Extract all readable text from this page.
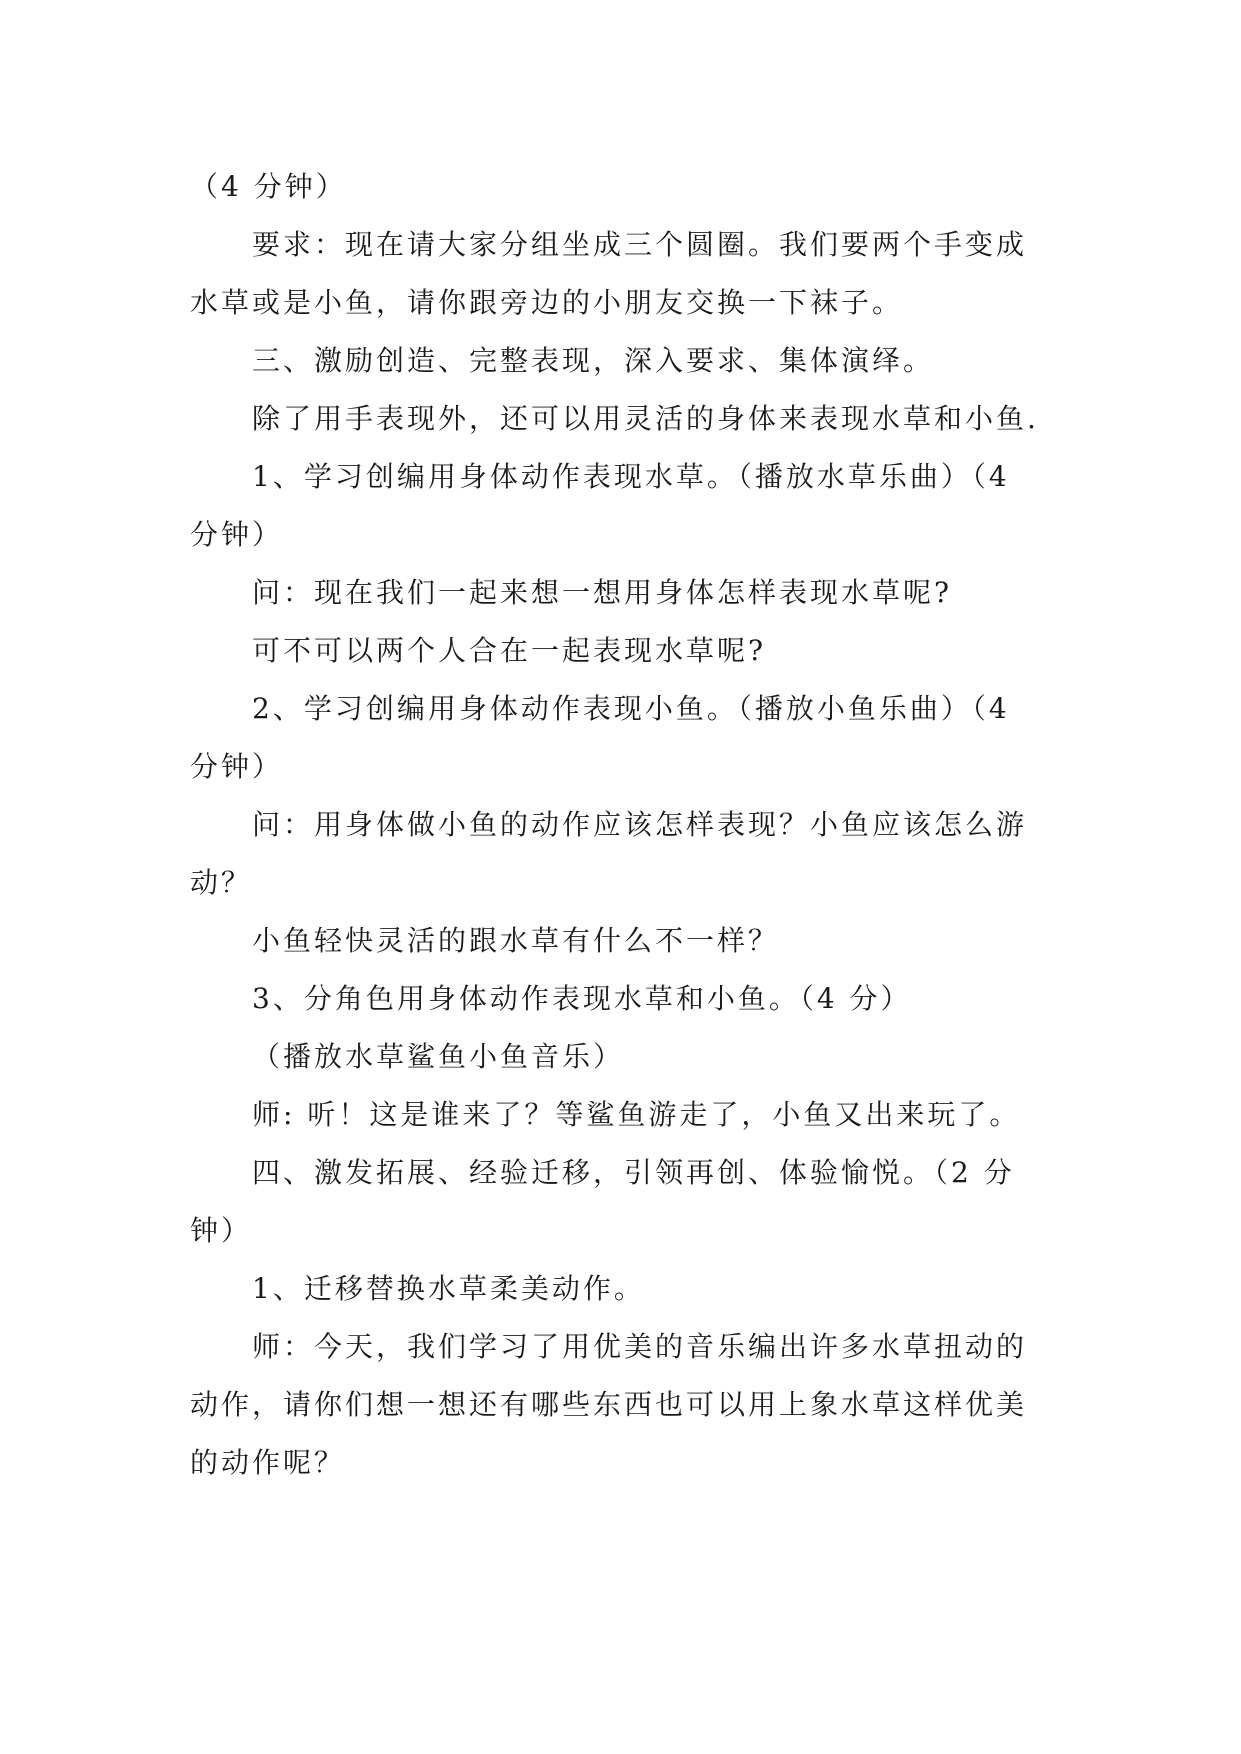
（4 分钟）

要求：现在请大家分组坐成三个圆圈。我们要两个手变成水草或是小鱼，请你跟旁边的小朋友交换一下袜子。

三、激励创造、完整表现，深入要求、集体演绎。

除了用手表现外，还可以用灵活的身体来表现水草和小鱼.

1、学习创编用身体动作表现水草。（播放水草乐曲）（4 分钟）

问：现在我们一起来想一想用身体怎样表现水草呢?

可不可以两个人合在一起表现水草呢?

2、学习创编用身体动作表现小鱼。（播放小鱼乐曲）（4 分钟）

问：用身体做小鱼的动作应该怎样表现？小鱼应该怎么游动？

小鱼轻快灵活的跟水草有什么不一样？

3、分角色用身体动作表现水草和小鱼。（4 分）

（播放水草鲨鱼小鱼音乐）

师: 听！这是谁来了？等鲨鱼游走了，小鱼又出来玩了。

四、激发拓展、经验迁移，引领再创、体验愉悦。（2 分钟）

1、迁移替换水草柔美动作。

师：今天，我们学习了用优美的音乐编出许多水草扭动的动作，请你们想一想还有哪些东西也可以用上象水草这样优美的动作呢？
